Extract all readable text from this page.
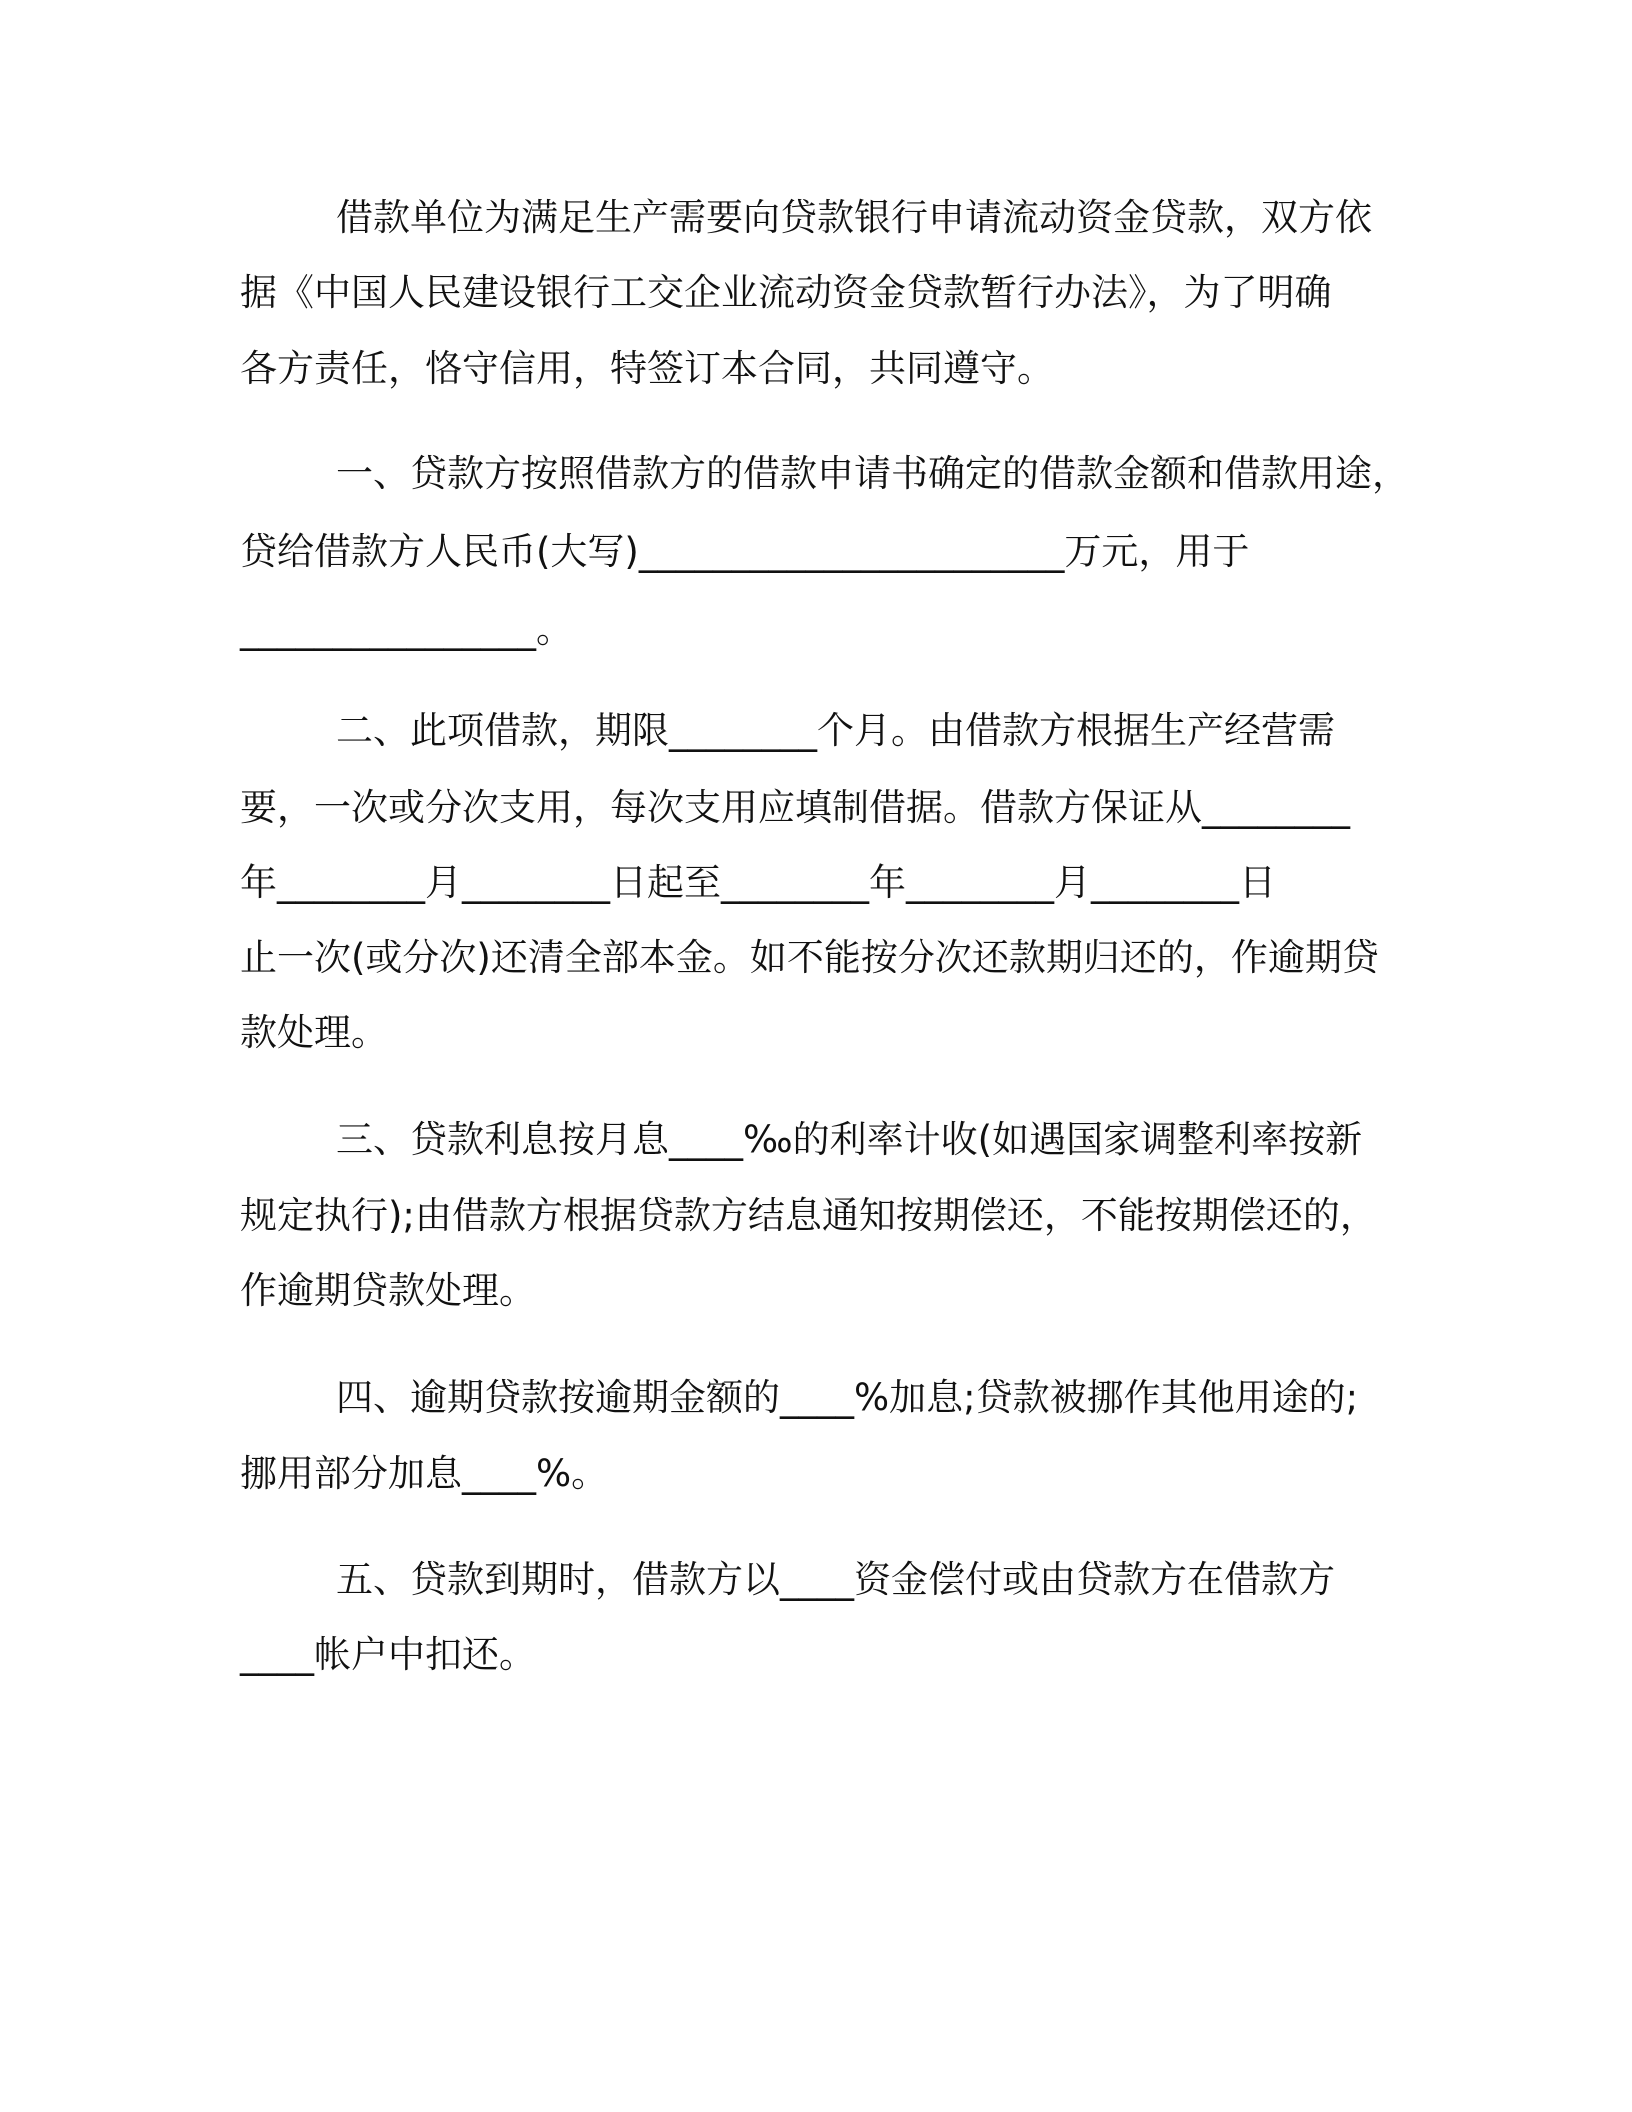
借款单位为满足生产需要向贷款银行申请流动资金贷款，双方依
据《中国人民建设银行工交企业流动资金贷款暂行办法》，为了明确
各方责任，恪守信用，特签订本合同，共同遵守。
一、贷款方按照借款方的借款申请书确定的借款金额和借款用途，
贷给借款方人民币(大写)_______________________万元，用于
________________。
二、此项借款，期限________个月。由借款方根据生产经营需
要，一次或分次支用，每次支用应填制借据。借款方保证从________
年________月________日起至________年________月________日
止一次(或分次)还清全部本金。如不能按分次还款期归还的，作逾期贷
款处理。
三、贷款利息按月息____‰的利率计收(如遇国家调整利率按新
规定执行);由借款方根据贷款方结息通知按期偿还，不能按期偿还的，
作逾期贷款处理。
四、逾期贷款按逾期金额的____%加息;贷款被挪作其他用途的;
挪用部分加息____%。
五、贷款到期时，借款方以____资金偿付或由贷款方在借款方
____帐户中扣还。
